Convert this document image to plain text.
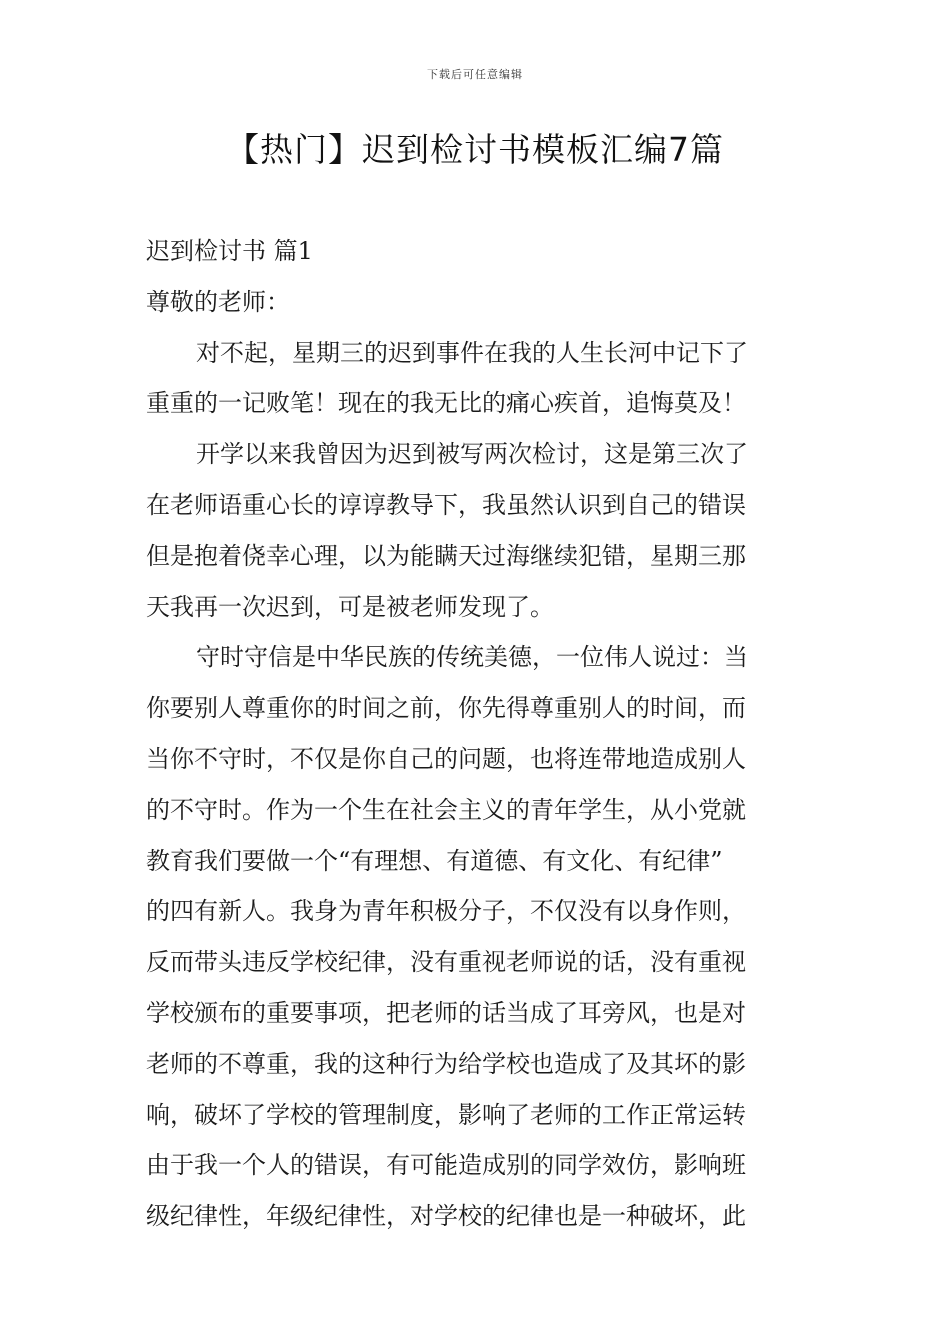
下载后可任意编辑
【热门】迟到检讨书模板汇编7篇
迟到检讨书 篇1
尊敬的老师：
对不起，星期三的迟到事件在我的人生长河中记下了
重重的一记败笔！现在的我无比的痛心疾首，追悔莫及！
开学以来我曾因为迟到被写两次检讨，这是第三次了
在老师语重心长的谆谆教导下，我虽然认识到自己的错误
但是抱着侥幸心理，以为能瞒天过海继续犯错，星期三那
天我再一次迟到，可是被老师发现了。
守时守信是中华民族的传统美德，一位伟人说过：当
你要别人尊重你的时间之前，你先得尊重别人的时间，而
当你不守时，不仅是你自己的问题，也将连带地造成别人
的不守时。作为一个生在社会主义的青年学生，从小党就
教育我们要做一个“有理想、有道德、有文化、有纪律”
的四有新人。我身为青年积极分子，不仅没有以身作则，
反而带头违反学校纪律，没有重视老师说的话，没有重视
学校颁布的重要事项，把老师的话当成了耳旁风，也是对
老师的不尊重，我的这种行为给学校也造成了及其坏的影
响，破坏了学校的管理制度，影响了老师的工作正常运转
由于我一个人的错误，有可能造成别的同学效仿，影响班
级纪律性，年级纪律性，对学校的纪律也是一种破坏，此
